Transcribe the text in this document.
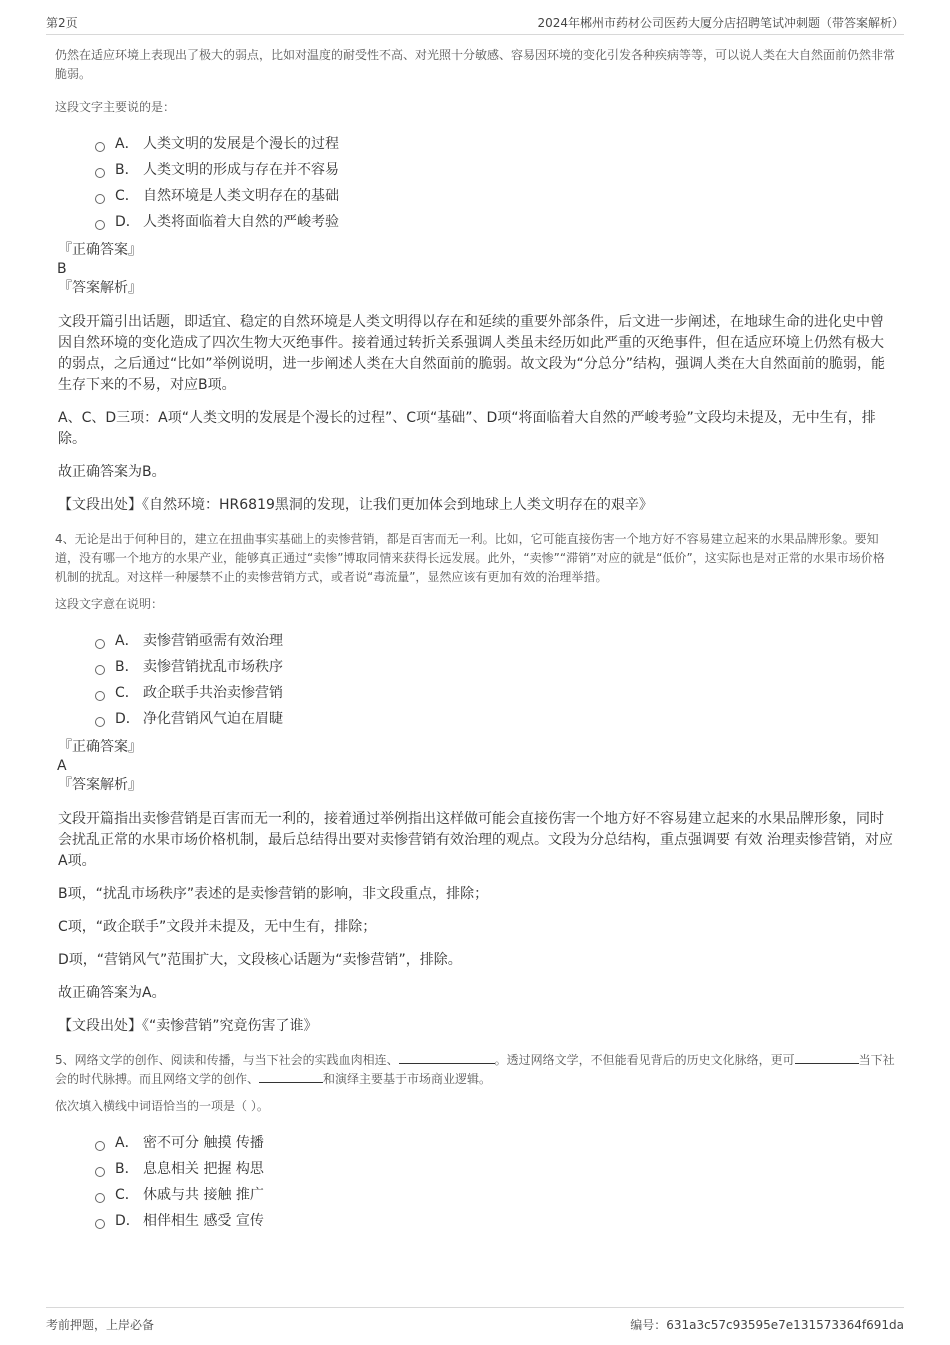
第2页	2024年郴州市药材公司医药大厦分店招聘笔试冲刺题（带答案解析）

仍然在适应环境上表现出了极大的弱点，比如对温度的耐受性不高、对光照十分敏感、容易因环境的变化引发各种疾病等等，可以说人类在大自然面前仍然非常脆弱。

这段文字主要说的是：

A． 人类文明的发展是个漫长的过程
B． 人类文明的形成与存在并不容易
C． 自然环境是人类文明存在的基础
D． 人类将面临着大自然的严峻考验
『正确答案』
B
『答案解析』

文段开篇引出话题，即适宜、稳定的自然环境是人类文明得以存在和延续的重要外部条件，后文进一步阐述，在地球生命的进化史中曾因自然环境的变化造成了四次生物大灭绝事件。接着通过转折关系强调人类虽未经历如此严重的灭绝事件，但在适应环境上仍然有极大的弱点，之后通过“比如”举例说明，进一步阐述人类在大自然面前的脆弱。故文段为“分总分”结构，强调人类在大自然面前的脆弱，能生存下来的不易，对应B项。

A、C、D三项：A项“人类文明的发展是个漫长的过程”、C项“基础”、D项“将面临着大自然的严峻考验”文段均未提及，无中生有，排除。

故正确答案为B。

【文段出处】《自然环境：HR6819黑洞的发现，让我们更加体会到地球上人类文明存在的艰辛》

4、无论是出于何种目的，建立在扭曲事实基础上的卖惨营销，都是百害而无一利。比如，它可能直接伤害一个地方好不容易建立起来的水果品牌形象。要知道，没有哪一个地方的水果产业，能够真正通过“卖惨”博取同情来获得长远发展。此外，“卖惨”“滞销”对应的就是“低价”，这实际也是对正常的水果市场价格机制的扰乱。对这样一种屡禁不止的卖惨营销方式，或者说“毒流量”，显然应该有更加有效的治理举措。

这段文字意在说明：

A． 卖惨营销亟需有效治理
B． 卖惨营销扰乱市场秩序
C． 政企联手共治卖惨营销
D． 净化营销风气迫在眉睫
『正确答案』
A
『答案解析』

文段开篇指出卖惨营销是百害而无一利的，接着通过举例指出这样做可能会直接伤害一个地方好不容易建立起来的水果品牌形象，同时会扰乱正常的水果市场价格机制，最后总结得出要对卖惨营销有效治理的观点。文段为分总结构，重点强调要 有效 治理卖惨营销，对应A项。

B项，“扰乱市场秩序”表述的是卖惨营销的影响，非文段重点，排除；

C项，“政企联手”文段并未提及，无中生有，排除；

D项，“营销风气”范围扩大，文段核心话题为“卖惨营销”，排除。

故正确答案为A。

【文段出处】《“卖惨营销”究竟伤害了谁》

5、网络文学的创作、阅读和传播，与当下社会的实践血肉相连、	。透过网络文学，不但能看见背后的历史文化脉络，更可	当下社会的时代脉搏。而且网络文学的创作、	和演绎主要基于市场商业逻辑。

依次填入横线中词语恰当的一项是（ ）。

A． 密不可分 触摸 传播
B． 息息相关 把握 构思
C． 休戚与共 接触 推广
D． 相伴相生 感受 宣传
考前押题，上岸必备	编号：631a3c57c93595e7e131573364f691da
